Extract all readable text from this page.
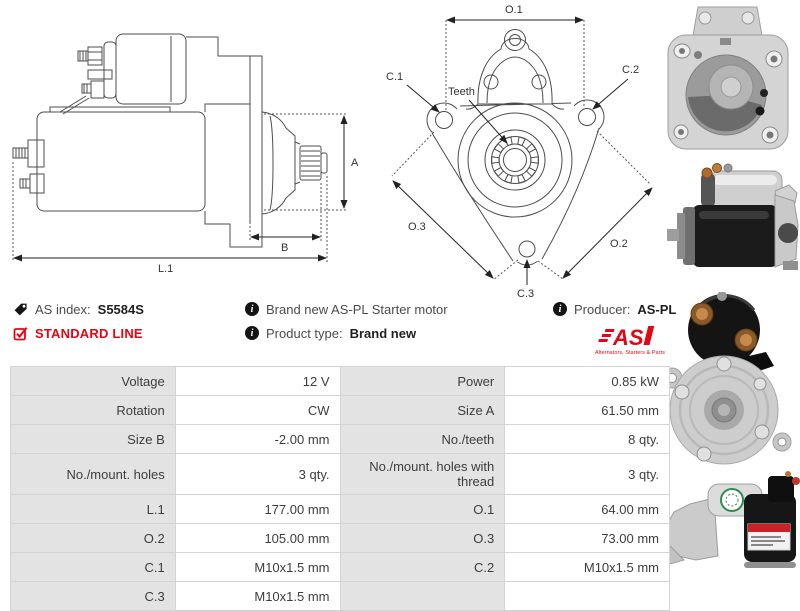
A
B
L.1
O.1
O.3
O.2
C.1
C.2
C.3
Teeth
AS index: S5584S
STANDARD LINE
i Brand new AS-PL Starter motor
i Product type: Brand new
i Producer: AS-PL
AS
Alternators, Starters & Parts
Voltage	12 V	Power	0.85 kW
Rotation	CW	Size A	61.50 mm
Size B	-2.00 mm	No./teeth	8 qty.
No./mount. holes	3 qty.	No./mount. holes with thread	3 qty.
L.1	177.00 mm	O.1	64.00 mm
O.2	105.00 mm	O.3	73.00 mm
C.1	M10x1.5 mm	C.2	M10x1.5 mm
C.3	M10x1.5 mm		
